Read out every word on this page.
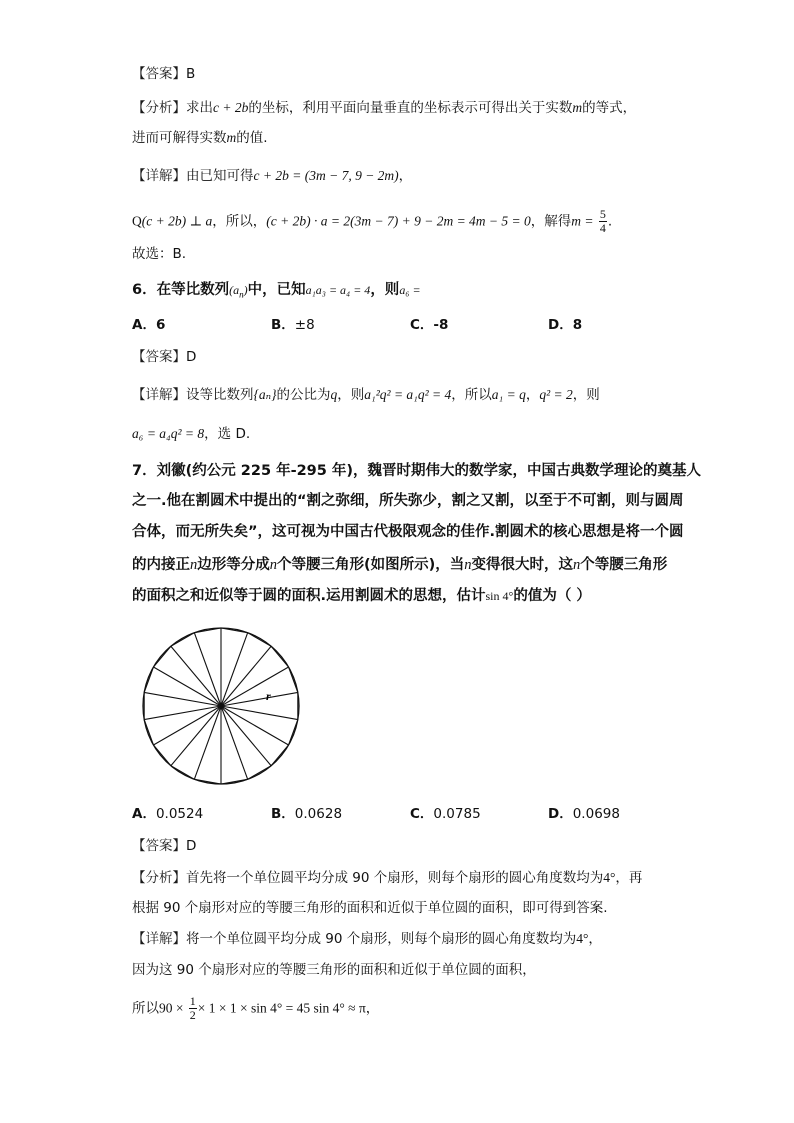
【答案】B
【分析】求出c + 2b的坐标，利用平面向量垂直的坐标表示可得出关于实数m的等式，
进而可解得实数m的值.
【详解】由已知可得c + 2b = (3m − 7, 9 − 2m)，
Q(c + 2b) ⊥ a，所以，(c + 2b) · a = 2(3m − 7) + 9 − 2m = 4m − 5 = 0，解得$m = \frac{5}{4}$ .
故选：B.
6．在等比数列$(a_n)$中，已知a₁a₃ = a₄ = 4，则a₆ =
A．6	B．±8	C．-8	D．8
【答案】D
【详解】设等比数列{aₙ}的公比为q，则a₁²q² = a₁q² = 4，所以a₁ = q，q² = 2，则
a₆ = a₄q² = 8，选 D.
7．刘徽(约公元 225 年-295 年)，魏晋时期伟大的数学家，中国古典数学理论的奠基人
之一.他在割圆术中提出的“割之弥细，所失弥少，割之又割，以至于不可割，则与圆周
合体，而无所失矣”，这可视为中国古代极限观念的佳作.割圆术的核心思想是将一个圆
的内接正n边形等分成n个等腰三角形(如图所示)，当n变得很大时，这n个等腰三角形
的面积之和近似等于圆的面积.运用割圆术的思想，估计sin 4°的值为（ ）
r
A．0.0524	B．0.0628	C．0.0785	D．0.0698
【答案】D
【分析】首先将一个单位圆平均分成 90 个扇形，则每个扇形的圆心角度数均为4°，再
根据 90 个扇形对应的等腰三角形的面积和近似于单位圆的面积，即可得到答案.
【详解】将一个单位圆平均分成 90 个扇形，则每个扇形的圆心角度数均为4°，
因为这 90 个扇形对应的等腰三角形的面积和近似于单位圆的面积，
所以$90 \times \frac{1}{2} \times 1 \times 1 \times \sin 4^\circ = 45$ sin 4° ≈ π，
